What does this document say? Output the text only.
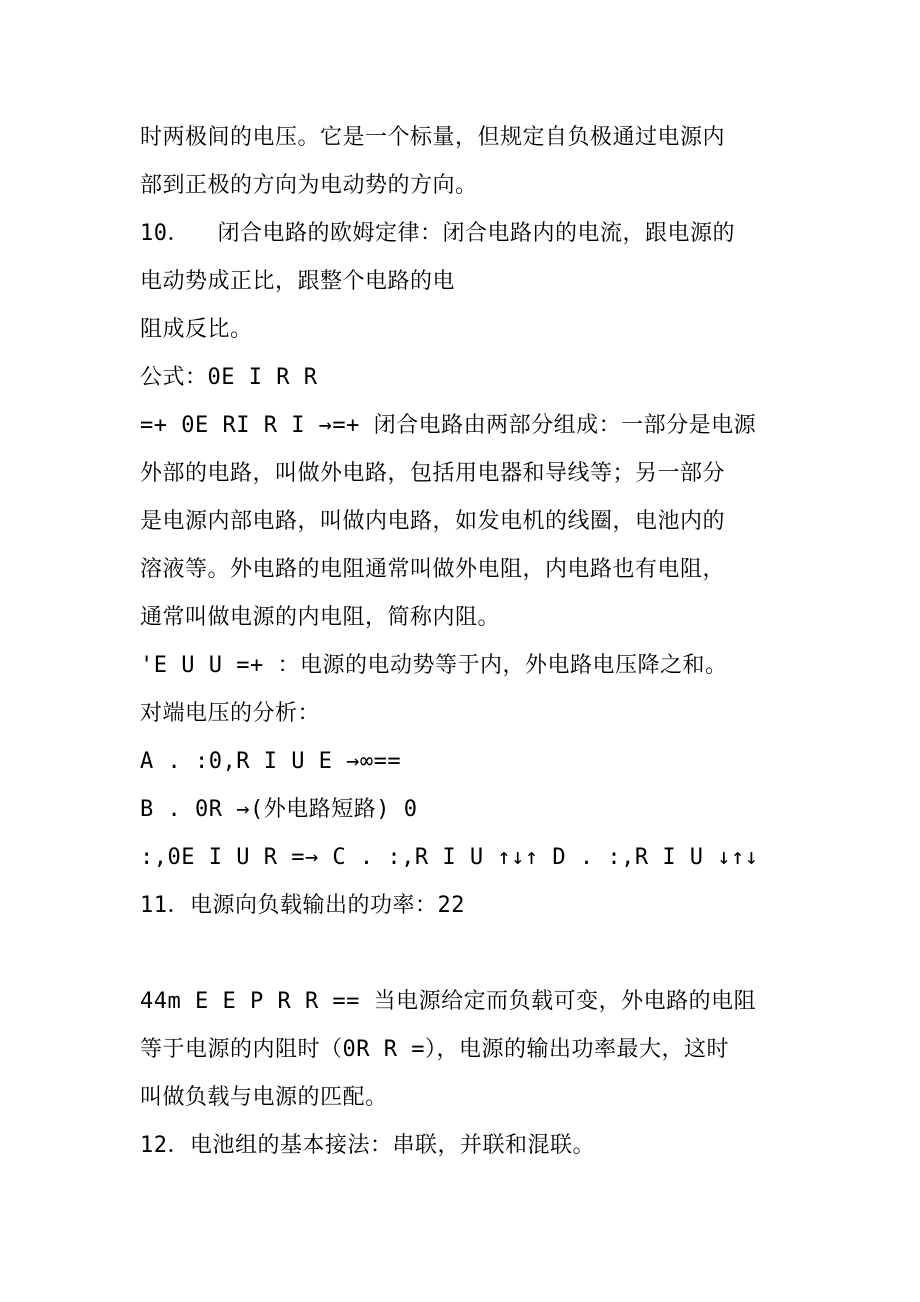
时两极间的电压。它是一个标量，但规定自负极通过电源内
部到正极的方向为电动势的方向。
10．  闭合电路的欧姆定律：闭合电路内的电流，跟电源的
电动势成正比，跟整个电路的电
阻成反比。
公式：0E I R R
=+ 0E RI R I →=+ 闭合电路由两部分组成：一部分是电源
外部的电路，叫做外电路，包括用电器和导线等；另一部分
是电源内部电路，叫做内电路，如发电机的线圈，电池内的
溶液等。外电路的电阻通常叫做外电阻，内电路也有电阻，
通常叫做电源的内电阻，简称内阻。
'E U U =+ ：电源的电动势等于内，外电路电压降之和。
对端电压的分析：
A . :0,R I U E →∞==
B . 0R →(外电路短路) 0
:,0E I U R =→ C . :,R I U ↑↓↑ D . :,R I U ↓↑↓
11．电源向负载输出的功率：22
44m E E P R R == 当电源给定而负载可变，外电路的电阻
等于电源的内阻时（0R R =），电源的输出功率最大，这时
叫做负载与电源的匹配。
12．电池组的基本接法：串联，并联和混联。
